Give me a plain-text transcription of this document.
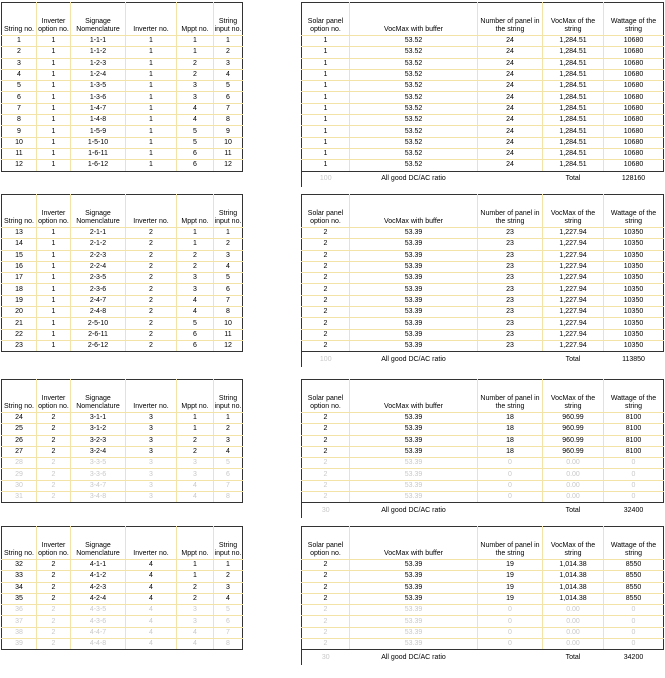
String no.	Inverter option no.	Signage Nomenclature	Inverter no.	Mppt no.	String input no.
1	1	1-1-1	1	1	1
2	1	1-1-2	1	1	2
3	1	1-2-3	1	2	3
4	1	1-2-4	1	2	4
5	1	1-3-5	1	3	5
6	1	1-3-6	1	3	6
7	1	1-4-7	1	4	7
8	1	1-4-8	1	4	8
9	1	1-5-9	1	5	9
10	1	1-5-10	1	5	10
11	1	1-6-11	1	6	11
12	1	1-6-12	1	6	12
Solar panel option no.	VocMax with buffer	Number of panel in the string	VocMax of the string	Wattage of the string
1	53.52	24	1,284.51	10680
1	53.52	24	1,284.51	10680
1	53.52	24	1,284.51	10680
1	53.52	24	1,284.51	10680
1	53.52	24	1,284.51	10680
1	53.52	24	1,284.51	10680
1	53.52	24	1,284.51	10680
1	53.52	24	1,284.51	10680
1	53.52	24	1,284.51	10680
1	53.52	24	1,284.51	10680
1	53.52	24	1,284.51	10680
1	53.52	24	1,284.51	10680
100	All good DC/AC ratio		Total	128160
String no.	Inverter option no.	Signage Nomenclature	Inverter no.	Mppt no.	String input no.
13	1	2-1-1	2	1	1
14	1	2-1-2	2	1	2
15	1	2-2-3	2	2	3
16	1	2-2-4	2	2	4
17	1	2-3-5	2	3	5
18	1	2-3-6	2	3	6
19	1	2-4-7	2	4	7
20	1	2-4-8	2	4	8
21	1	2-5-10	2	5	10
22	1	2-6-11	2	6	11
23	1	2-6-12	2	6	12
Solar panel option no.	VocMax with buffer	Number of panel in the string	VocMax of the string	Wattage of the string
2	53.39	23	1,227.94	10350
2	53.39	23	1,227.94	10350
2	53.39	23	1,227.94	10350
2	53.39	23	1,227.94	10350
2	53.39	23	1,227.94	10350
2	53.39	23	1,227.94	10350
2	53.39	23	1,227.94	10350
2	53.39	23	1,227.94	10350
2	53.39	23	1,227.94	10350
2	53.39	23	1,227.94	10350
2	53.39	23	1,227.94	10350
100	All good DC/AC ratio		Total	113850
String no.	Inverter option no.	Signage Nomenclature	Inverter no.	Mppt no.	String input no.
24	2	3-1-1	3	1	1
25	2	3-1-2	3	1	2
26	2	3-2-3	3	2	3
27	2	3-2-4	3	2	4
28	2	3-3-5	3	3	5
29	2	3-3-6	3	3	6
30	2	3-4-7	3	4	7
31	2	3-4-8	3	4	8
Solar panel option no.	VocMax with buffer	Number of panel in the string	VocMax of the string	Wattage of the string
2	53.39	18	960.99	8100
2	53.39	18	960.99	8100
2	53.39	18	960.99	8100
2	53.39	18	960.99	8100
2	53.39	0	0.00	0
2	53.39	0	0.00	0
2	53.39	0	0.00	0
2	53.39	0	0.00	0
30	All good DC/AC ratio		Total	32400
String no.	Inverter option no.	Signage Nomenclature	Inverter no.	Mppt no.	String input no.
32	2	4-1-1	4	1	1
33	2	4-1-2	4	1	2
34	2	4-2-3	4	2	3
35	2	4-2-4	4	2	4
36	2	4-3-5	4	3	5
37	2	4-3-6	4	3	6
38	2	4-4-7	4	4	7
39	2	4-4-8	4	4	8
Solar panel option no.	VocMax with buffer	Number of panel in the string	VocMax of the string	Wattage of the string
2	53.39	19	1,014.38	8550
2	53.39	19	1,014.38	8550
2	53.39	19	1,014.38	8550
2	53.39	19	1,014.38	8550
2	53.39	0	0.00	0
2	53.39	0	0.00	0
2	53.39	0	0.00	0
2	53.39	0	0.00	0
30	All good DC/AC ratio		Total	34200
